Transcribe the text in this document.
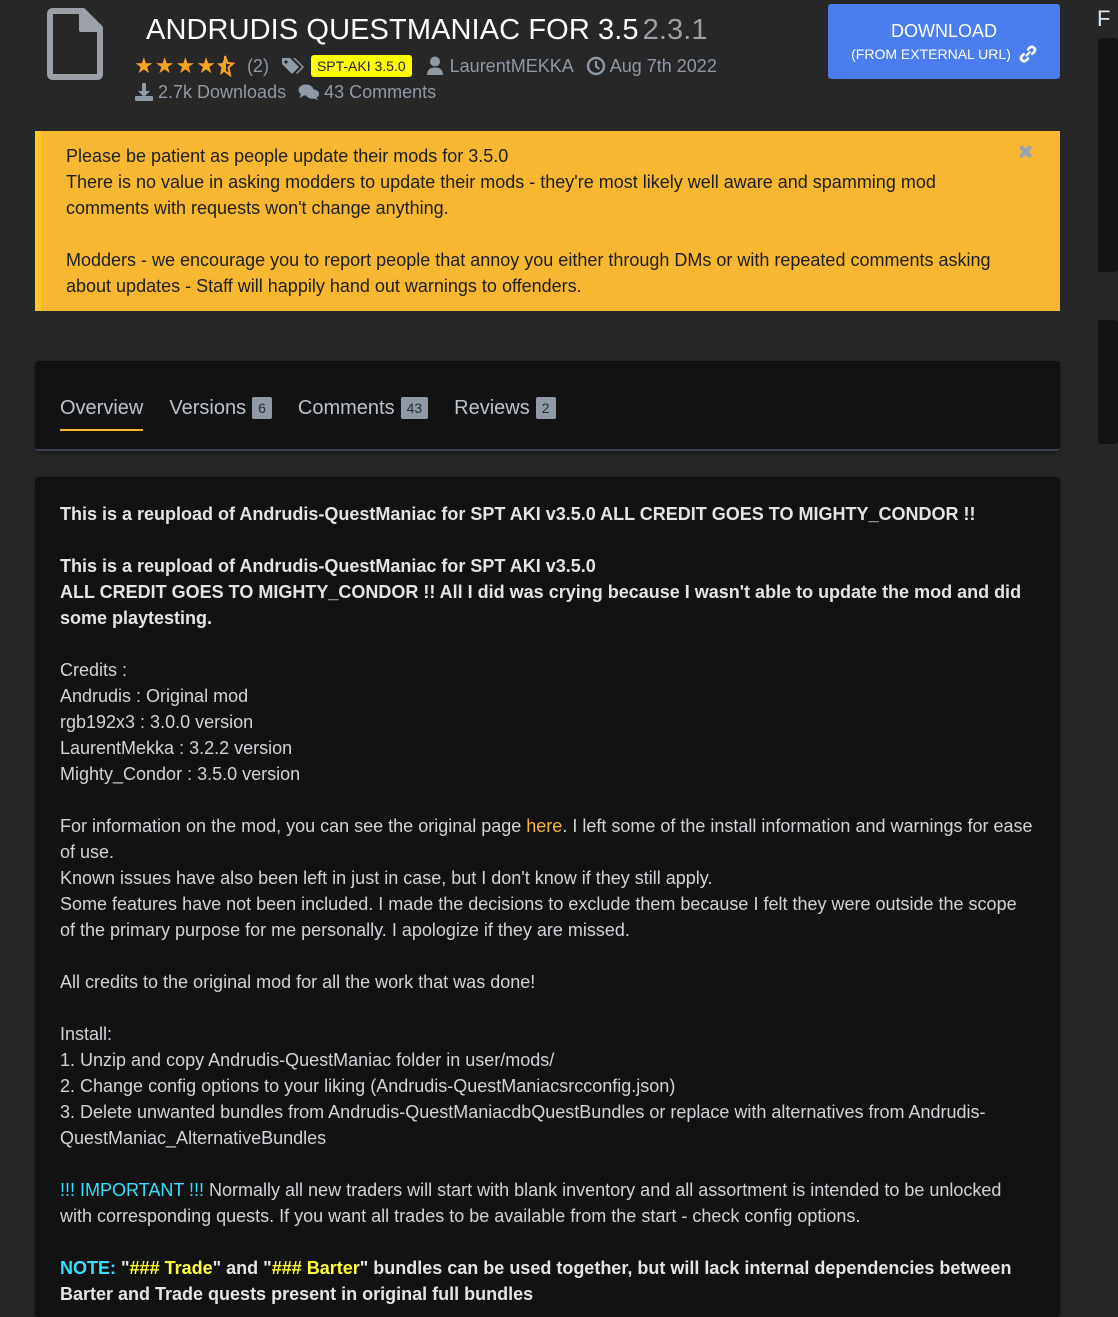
ANDRUDIS QUESTMANIAC FOR 3.5 2.3.1
★ ★ ★ ★ (2)	SPT-AKI 3.5.0	LaurentMEKKA Aug 7th 2022
2.7k Downloads 43 Comments
DOWNLOAD
(FROM EXTERNAL URL)
F

Please be patient as people update their mods for 3.5.0

There is no value in asking modders to update their mods - they're most likely well aware and spamming mod comments with requests won't change anything.

Modders - we encourage you to report people that annoy you either through DMs or with repeated comments asking about updates - Staff will happily hand out warnings to offenders.

✖
Overview Versions 6	Comments 43	Reviews 2

This is a reupload of Andrudis-QuestManiac for SPT AKI v3.5.0 ALL CREDIT GOES TO MIGHTY_CONDOR !!

This is a reupload of Andrudis-QuestManiac for SPT AKI v3.5.0

ALL CREDIT GOES TO MIGHTY_CONDOR !! All I did was crying because I wasn't able to update the mod and did some playtesting.

Credits :

Andrudis : Original mod

rgb192x3 : 3.0.0 version

LaurentMekka : 3.2.2 version

Mighty_Condor : 3.5.0 version

For information on the mod, you can see the original page here. I left some of the install information and warnings for ease of use.

Known issues have also been left in just in case, but I don't know if they still apply.

Some features have not been included. I made the decisions to exclude them because I felt they were outside the scope of the primary purpose for me personally. I apologize if they are missed.

All credits to the original mod for all the work that was done!

Install:

1. Unzip and copy Andrudis-QuestManiac folder in user/mods/

2. Change config options to your liking (Andrudis-QuestManiacsrcconfig.json)

3. Delete unwanted bundles from Andrudis-QuestManiacdbQuestBundles or replace with alternatives from Andrudis-QuestManiac_AlternativeBundles

!!! IMPORTANT !!! Normally all new traders will start with blank inventory and all assortment is intended to be unlocked with corresponding quests. If you want all trades to be available from the start - check config options.

NOTE: "### Trade" and "### Barter" bundles can be used together, but will lack internal dependencies between Barter and Trade quests present in original full bundles
